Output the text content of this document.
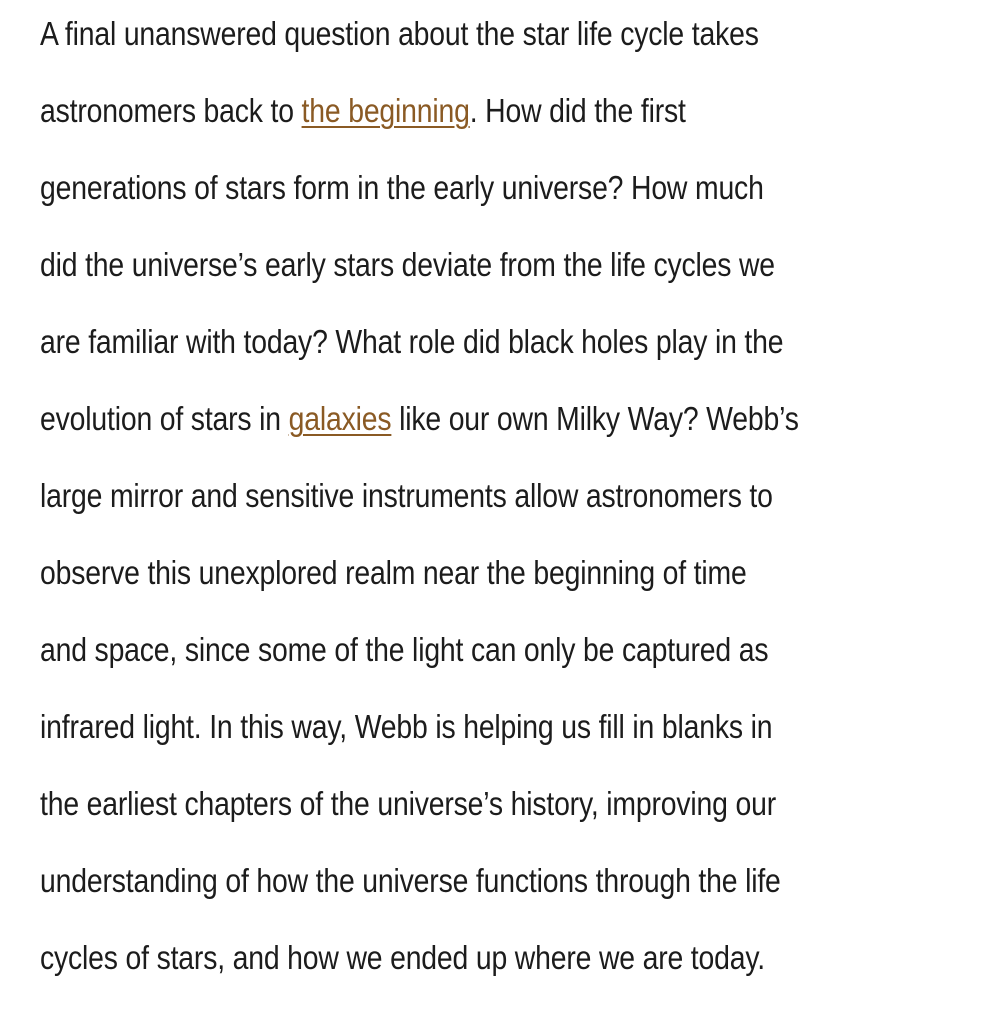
A final unanswered question about the star life cycle takes
astronomers back to the beginning. How did the first
generations of stars form in the early universe? How much
did the universe’s early stars deviate from the life cycles we
are familiar with today? What role did black holes play in the
evolution of stars in galaxies like our own Milky Way? Webb’s
large mirror and sensitive instruments allow astronomers to
observe this unexplored realm near the beginning of time
and space, since some of the light can only be captured as
infrared light. In this way, Webb is helping us fill in blanks in
the earliest chapters of the universe’s history, improving our
understanding of how the universe functions through the life
cycles of stars, and how we ended up where we are today.
